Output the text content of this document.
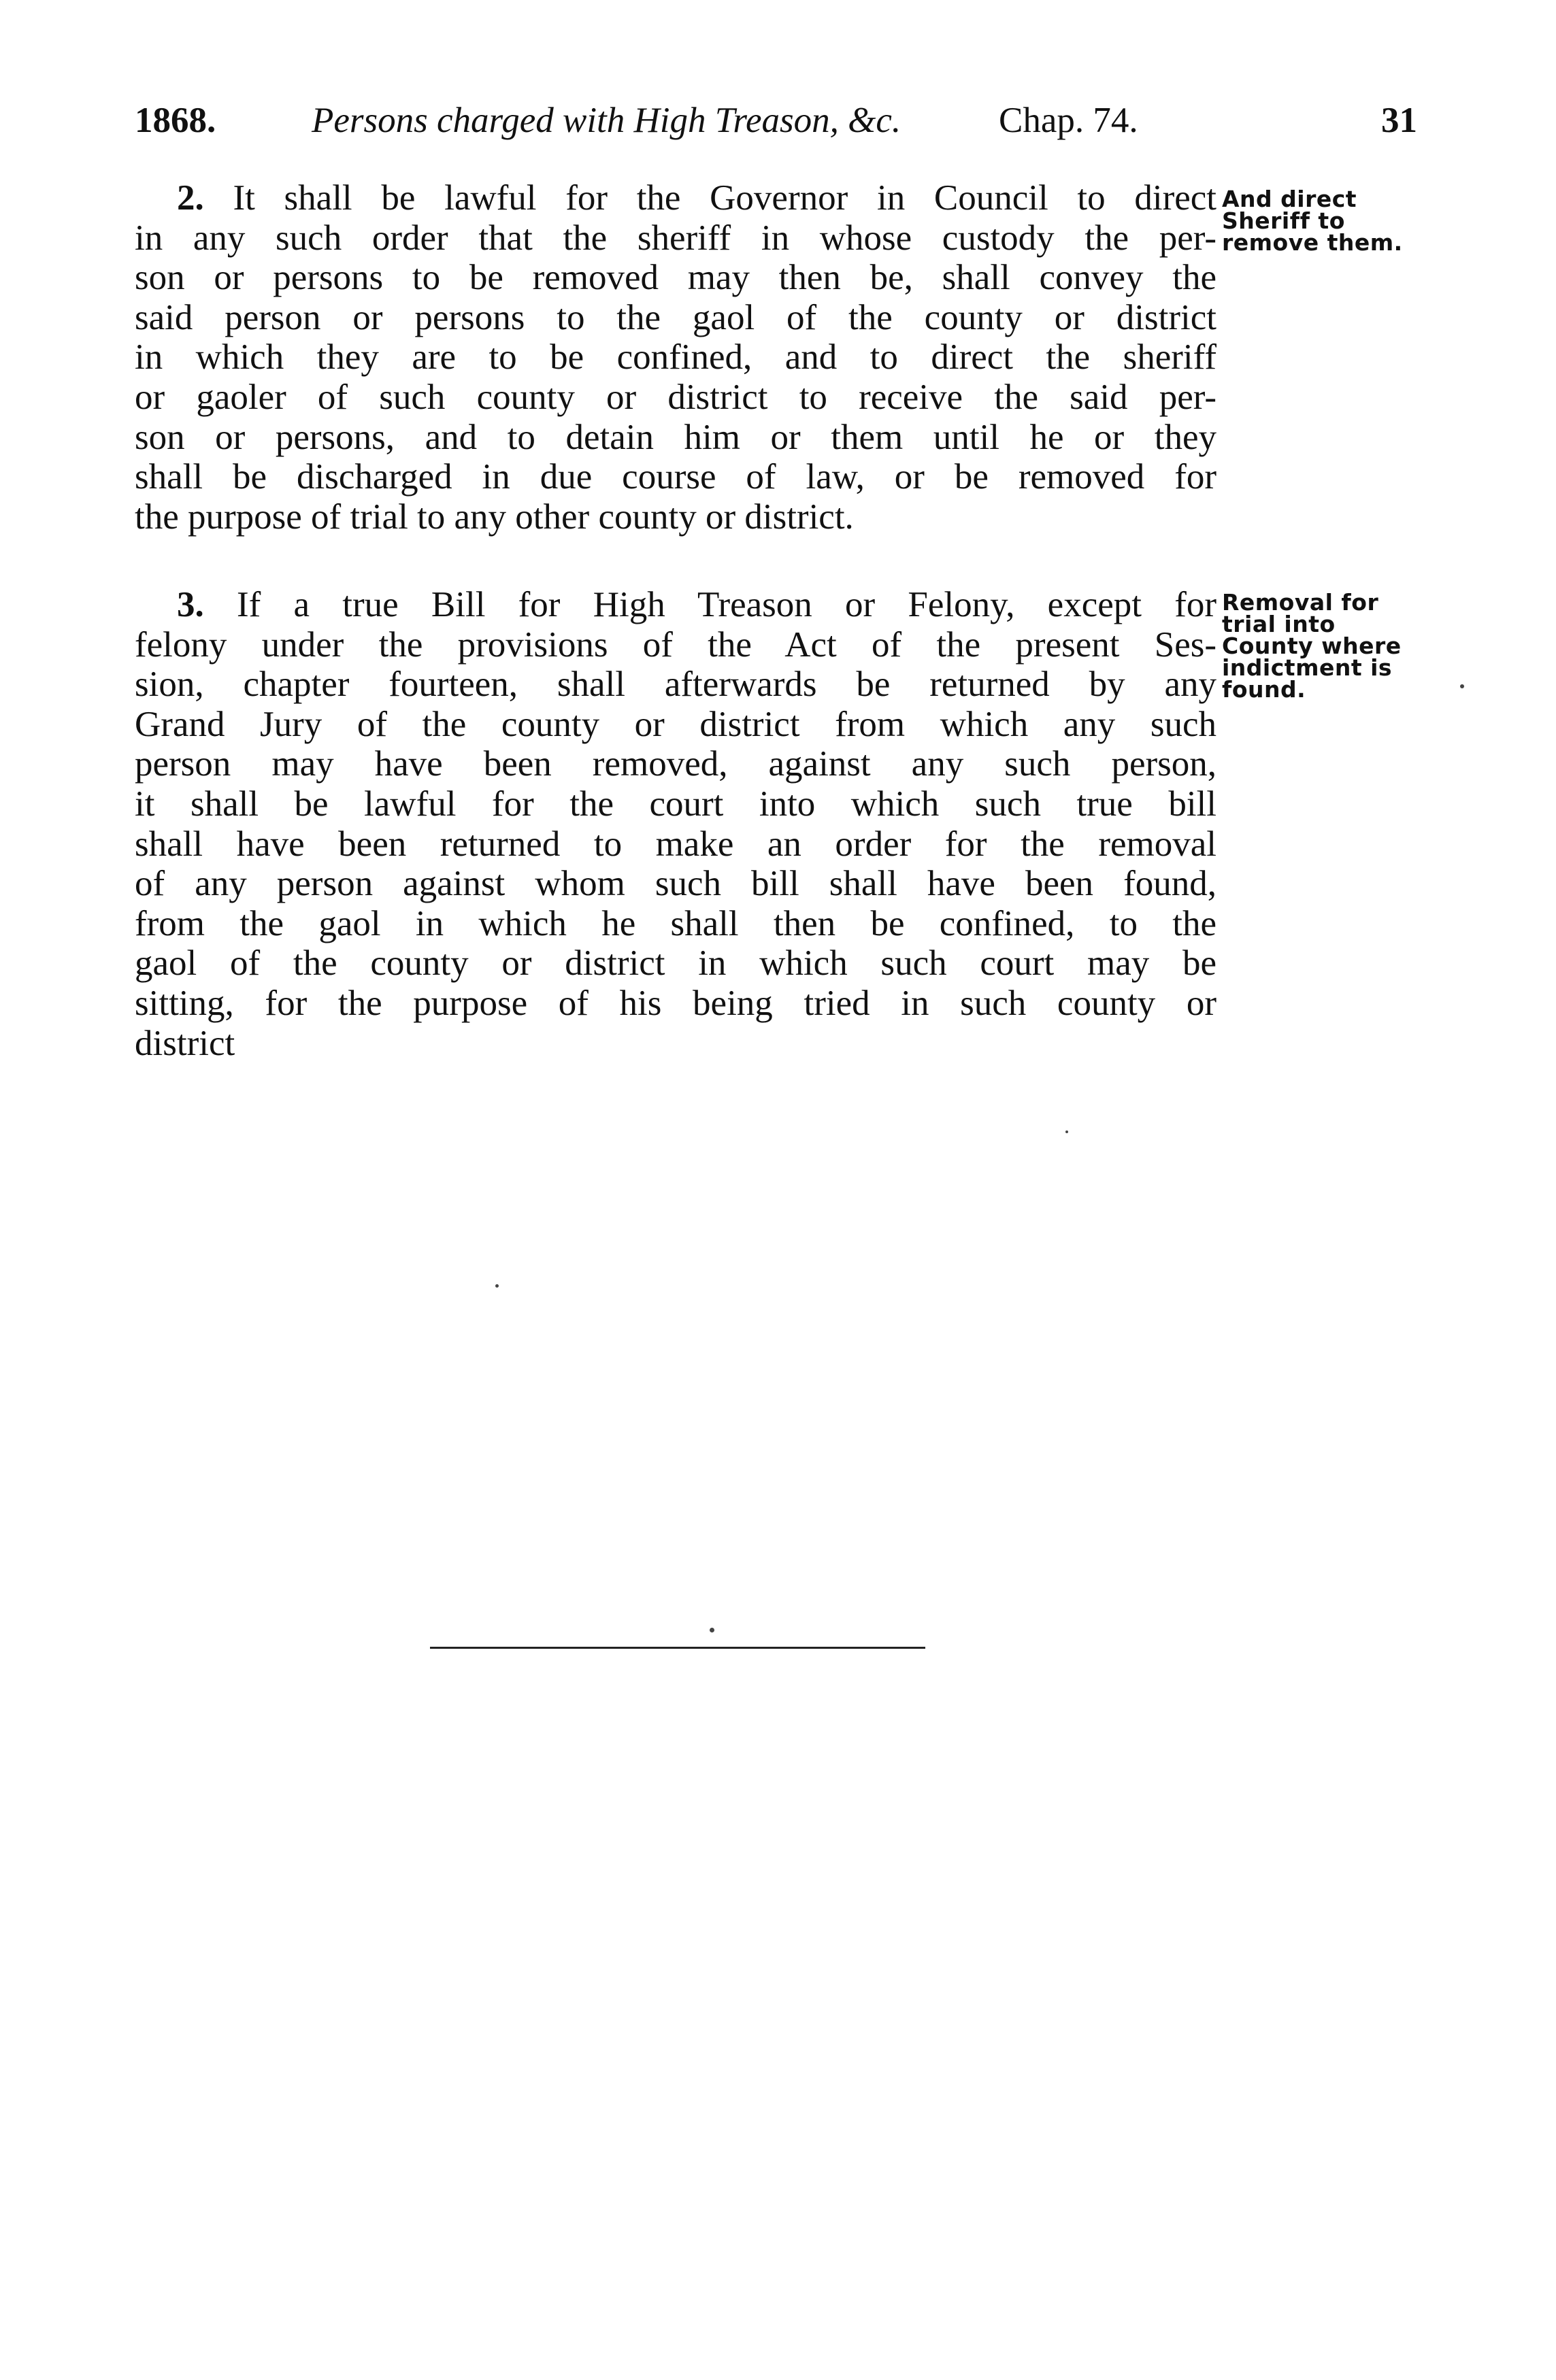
1868.	Persons charged with High Treason, &c.	Chap. 74.	31
2. It shall be lawful for the Governor in Council to direct
in any such order that the sheriff in whose custody the per-
son or persons to be removed may then be, shall convey the
said person or persons to the gaol of the county or district
in which they are to be confined, and to direct the sheriff
or gaoler of such county or district to receive the said per-
son or persons, and to detain him or them until he or they
shall be discharged in due course of law, or be removed for
the purpose of trial to any other county or district.
And direct
Sheriff to
remove them.
3. If a true Bill for High Treason or Felony, except for
felony under the provisions of the Act of the present Ses-
sion, chapter fourteen, shall afterwards be returned by any
Grand Jury of the county or district from which any such
person may have been removed, against any such person,
it shall be lawful for the court into which such true bill
shall have been returned to make an order for the removal
of any person against whom such bill shall have been found,
from the gaol in which he shall then be confined, to the
gaol of the county or district in which such court may be
sitting, for the purpose of his being tried in such county or
district
Removal for
trial into
County where
indictment is
found.
